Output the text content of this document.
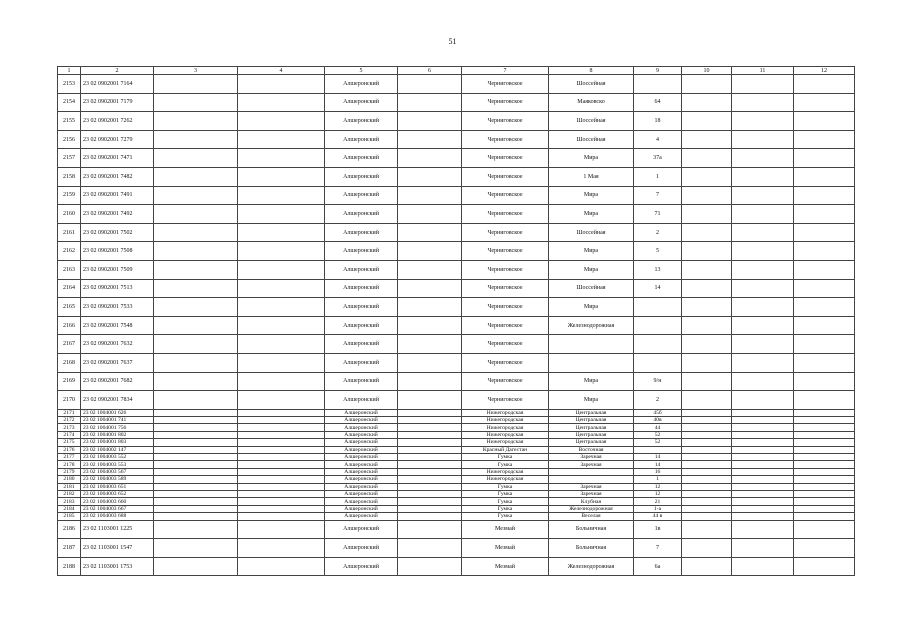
51
1	2	3	4	5	6	7	8	9	10	11	12
2153	23 02 0902001 7164			Алшеронский		Черниговское	Шоссейная				
2154	23 02 0902001 7179			Алшеронский		Черниговское	Маяковско	64			
2155	23 02 0902001 7262			Алшеронский		Черниговское	Шоссейная	18			
2156	23 02 0902001 7279			Алшеронский		Черниговское	Шоссейная	4			
2157	23 02 0902001 7471			Алшеронский		Черниговское	Мира	37а			
2158	23 02 0902001 7482			Алшеронский		Черниговское	1 Мая	1			
2159	23 02 0902001 7491			Алшеронский		Черниговское	Мира	7			
2160	23 02 0902001 7492			Алшеронский		Черниговское	Мира	71			
2161	23 02 0902001 7502			Алшеронский		Черниговское	Шоссейная	2			
2162	23 02 0902001 7508			Алшеронский		Черниговское	Мира	5			
2163	23 02 0902001 7509			Алшеронский		Черниговское	Мира	13			
2164	23 02 0902001 7513			Алшеронский		Черниговское	Шоссейная	14			
2165	23 02 0902001 7533			Алшеронский		Черниговское	Мира				
2166	23 02 0902001 7548			Алшеронский		Черниговское	Железнодорожная				
2167	23 02 0902001 7632			Алшеронский		Черниговское					
2168	23 02 0902001 7637			Алшеронский		Черниговское					
2169	23 02 0902001 7682			Алшеронский		Черниговское	Мира	9/н			
2170	23 02 0902001 7834			Алшеронский		Черниговское	Мира	2			
2171	23 02 1004001 626			Алшеронский		Нижегородская	Центральная	45б			
2172	23 02 1004001 741			Алшеронский		Нижегородская	Центральная	40в			
2173	23 02 1004001 756			Алшеронский		Нижегородская	Центральная	44			
2174	23 02 1004001 802			Алшеронский		Нижегородская	Центральная	52			
2175	23 02 1004001 803			Алшеронский		Нижегородская	Центральная	52			
2176	23 02 1004002 147			Алшеронский		Красный Дагестан	Восточная				
2177	23 02 1004003 552			Алшеронский		Гумка	Заречная	14			
2178	23 02 1004003 553			Алшеронский		Гумка	Заречная	14			
2179	23 02 1004003 567			Алшеронский		Нижегородская		16			
2180	23 02 1004003 589			Алшеронский		Нижегородская		1			
2181	23 02 1004003 651			Алшеронский		Гумка	Заречная	12			
2182	23 02 1004003 652			Алшеронский		Гумка	Заречная	12			
2183	23 02 1004003 660			Алшеронский		Гумка	Клубная	21			
2184	23 02 1004003 667			Алшеронский		Гумка	Железнодорожная	1-а			
2185	23 02 1004003 688			Алшеронский		Гумка	Веселая	44 в			
2186	23 02 1103001 1225			Алшеронский		Мезмай	Больничная	1в			
2187	23 02 1103001 1547			Алшеронский		Мезмай	Больничная	7			
2188	23 02 1103001 1753			Алшеронский		Мезмай	Железнодорожная	6а			
